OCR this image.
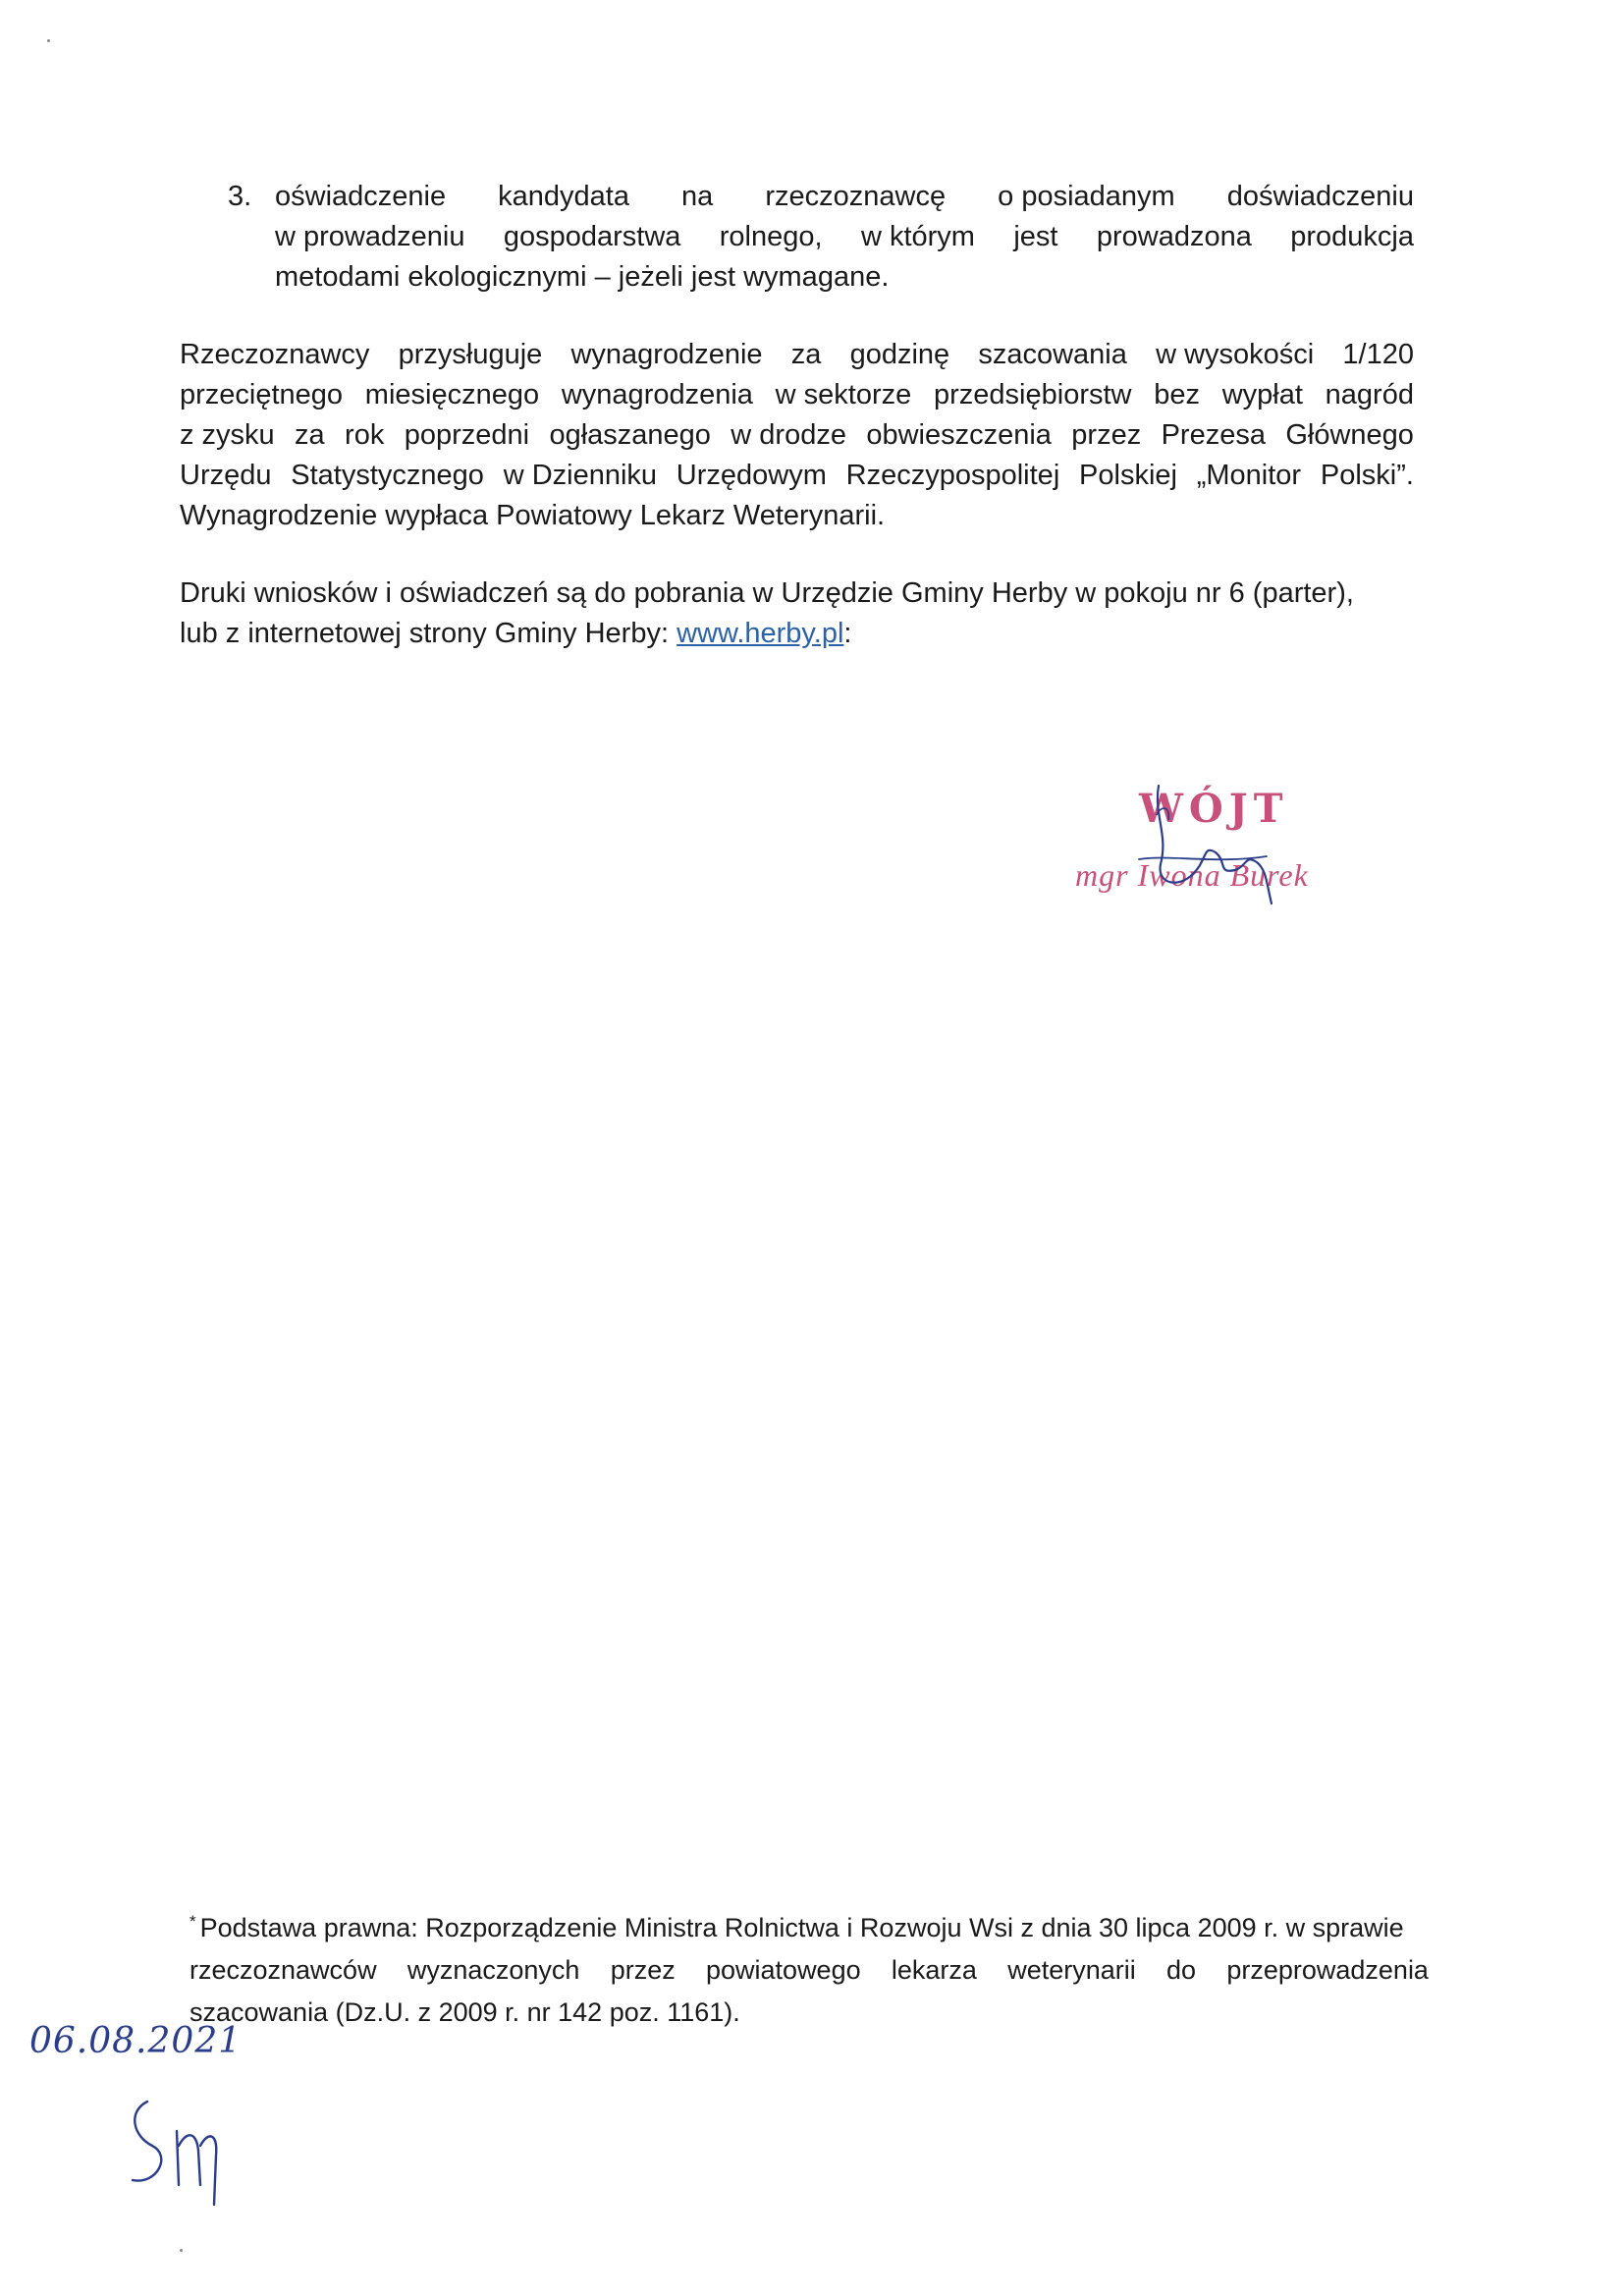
3. oświadczenie kandydata na rzeczoznawcę o posiadanym doświadczeniu
w prowadzeniu gospodarstwa rolnego, w którym jest prowadzona produkcja
metodami ekologicznymi – jeżeli jest wymagane.
Rzeczoznawcy przysługuje wynagrodzenie za godzinę szacowania w wysokości 1/120
przeciętnego miesięcznego wynagrodzenia w sektorze przedsiębiorstw bez wypłat nagród
z zysku za rok poprzedni ogłaszanego w drodze obwieszczenia przez Prezesa Głównego
Urzędu Statystycznego w Dzienniku Urzędowym Rzeczypospolitej Polskiej „Monitor Polski”.
Wynagrodzenie wypłaca Powiatowy Lekarz Weterynarii.
Druki wniosków i oświadczeń są do pobrania w Urzędzie Gminy Herby w pokoju nr 6 (parter),
lub z internetowej strony Gminy Herby: www.herby.pl:
WÓJT
mgr Iwona Burek
* Podstawa prawna: Rozporządzenie Ministra Rolnictwa i Rozwoju Wsi z dnia 30 lipca 2009 r. w sprawie
rzeczoznawców wyznaczonych przez powiatowego lekarza weterynarii do przeprowadzenia
szacowania (Dz.U. z 2009 r. nr 142 poz. 1161).
06.08.2021
